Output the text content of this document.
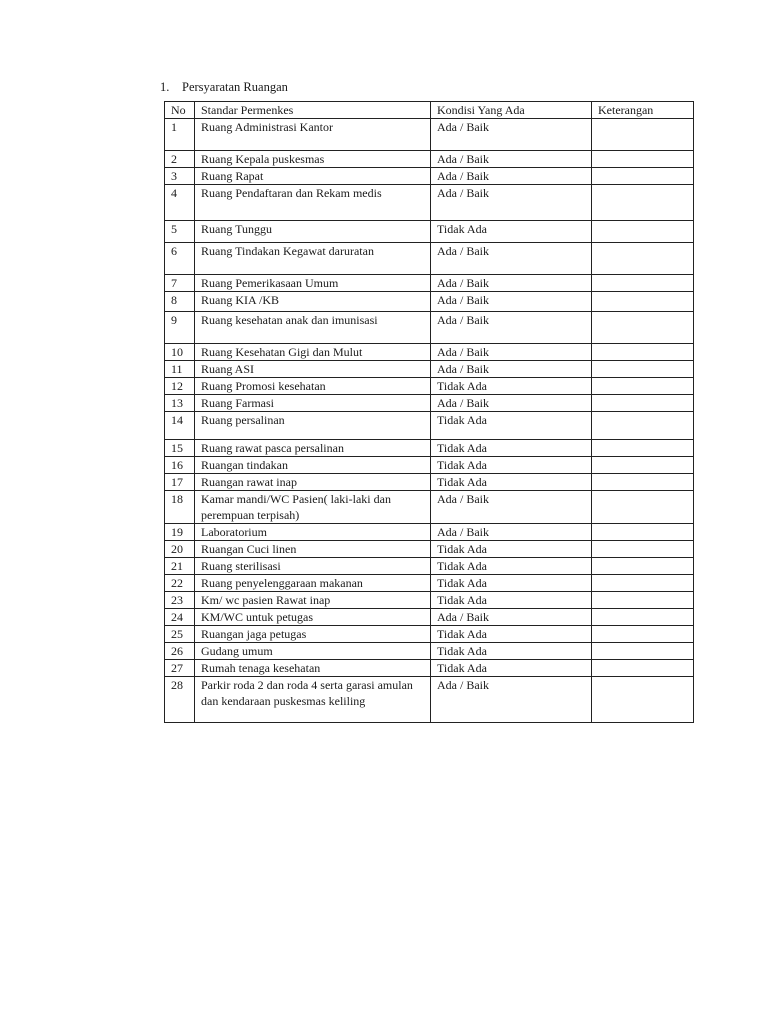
1. Persyaratan Ruangan
No	Standar Permenkes	Kondisi Yang Ada	Keterangan
1	Ruang Administrasi Kantor	Ada / Baik	
2	Ruang Kepala puskesmas	Ada / Baik	
3	Ruang Rapat	Ada / Baik	
4	Ruang Pendaftaran dan Rekam medis	Ada / Baik	
5	Ruang Tunggu	Tidak Ada	
6	Ruang Tindakan Kegawat daruratan	Ada / Baik	
7	Ruang Pemerikasaan Umum	Ada / Baik	
8	Ruang KIA /KB	Ada / Baik	
9	Ruang kesehatan anak dan imunisasi	Ada / Baik	
10	Ruang Kesehatan Gigi dan Mulut	Ada / Baik	
11	Ruang ASI	Ada / Baik	
12	Ruang Promosi kesehatan	Tidak Ada	
13	Ruang Farmasi	Ada / Baik	
14	Ruang persalinan	Tidak Ada	
15	Ruang rawat pasca persalinan	Tidak Ada	
16	Ruangan tindakan	Tidak Ada	
17	Ruangan rawat inap	Tidak Ada	
18	Kamar mandi/WC Pasien( laki-laki dan perempuan terpisah)	Ada / Baik	
19	Laboratorium	Ada / Baik	
20	Ruangan Cuci linen	Tidak Ada	
21	Ruang sterilisasi	Tidak Ada	
22	Ruang penyelenggaraan makanan	Tidak Ada	
23	Km/ wc pasien Rawat inap	Tidak Ada	
24	KM/WC untuk petugas	Ada / Baik	
25	Ruangan jaga petugas	Tidak Ada	
26	Gudang umum	Tidak Ada	
27	Rumah tenaga kesehatan	Tidak Ada	
28	Parkir roda 2 dan roda 4 serta garasi amulan dan kendaraan puskesmas keliling	Ada / Baik	
